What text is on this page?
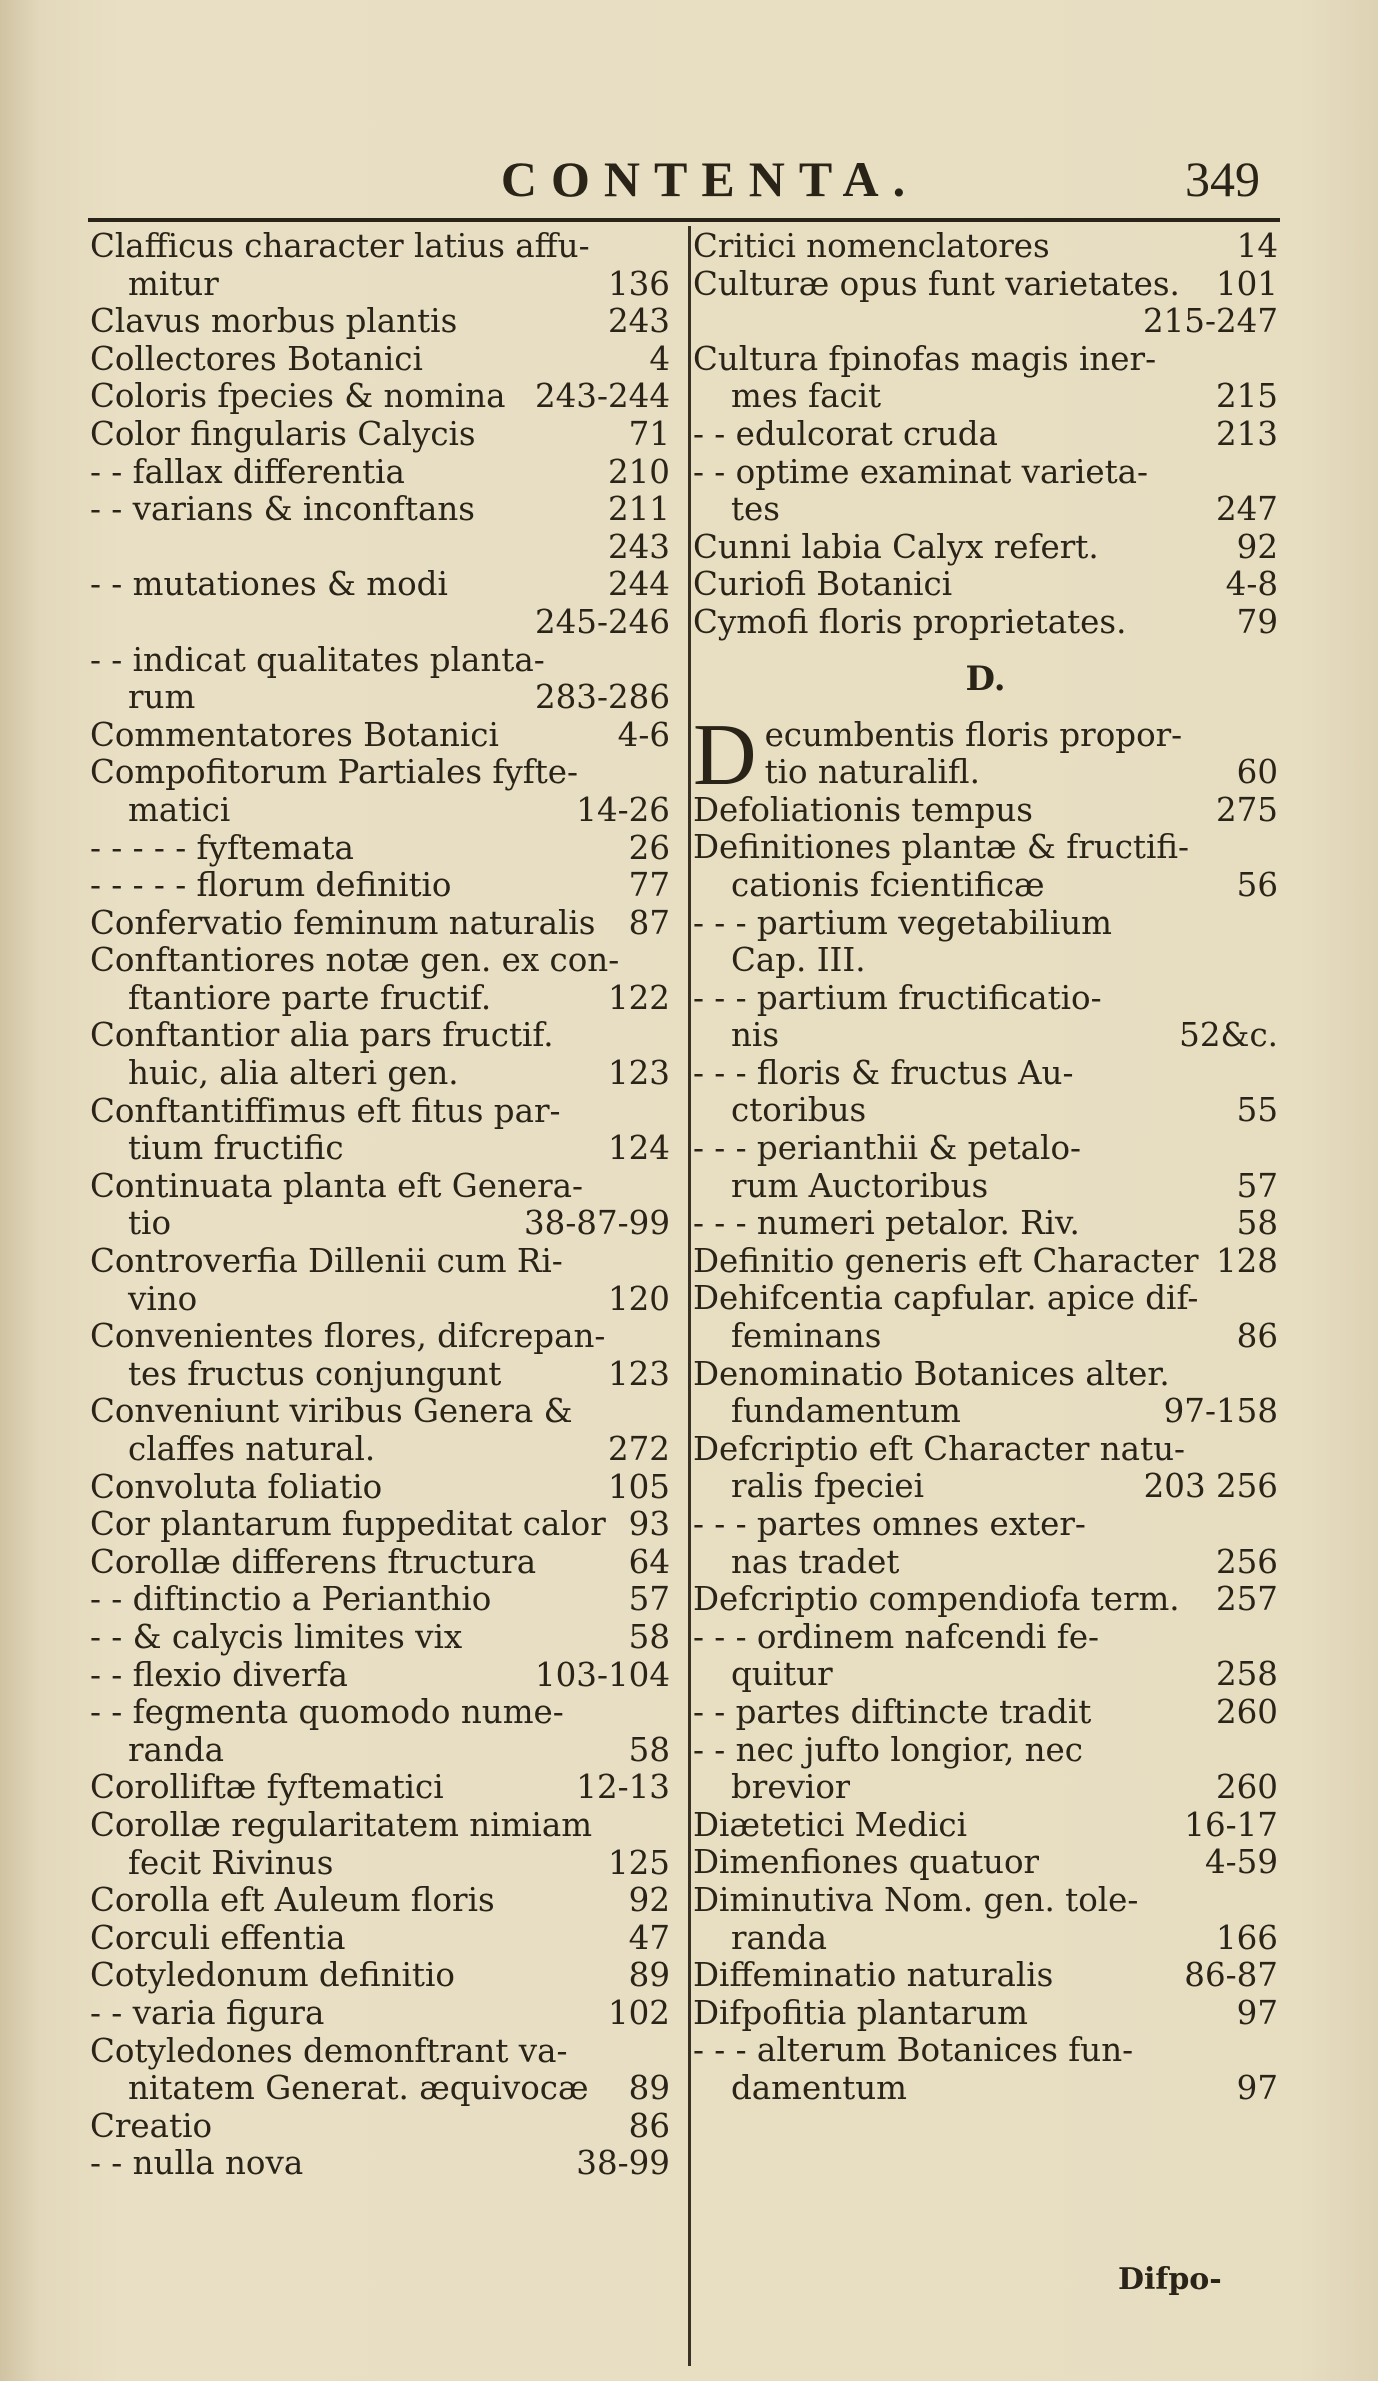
CONTENTA.	349
Clafficus character latius affu-
mitur	136
Clavus morbus plantis	243
Collectores Botanici	4
Coloris fpecies & nomina 243-244
Color fingularis Calycis	71
- - fallax differentia	210
- - varians & inconftans	211
243
- - mutationes & modi	244
245-246
- - indicat qualitates planta-
rum	283-286
Commentatores Botanici	4-6
Compofitorum Partiales fyfte-
matici	14-26
- - - - - fyftemata	26
- - - - - florum definitio	77
Confervatio feminum naturalis 87
Conftantiores notæ gen. ex con-
ftantiore parte fructif.	122
Conftantior alia pars fructif.
huic, alia alteri gen.	123
Conftantiffimus eft fitus par-
tium fructific	124
Continuata planta eft Genera-
tio	38-87-99
Controverfia Dillenii cum Ri-
vino	120
Convenientes flores, difcrepan-
tes fructus conjungunt	123
Conveniunt viribus Genera &
claffes natural.	272
Convoluta foliatio	105
Cor plantarum fuppeditat calor 93
Corollæ differens ftructura	64
- - diftinctio a Perianthio	57
- - & calycis limites vix	58
- - flexio diverfa	103-104
- - fegmenta quomodo nume-
randa	58
Corolliftæ fyftematici	12-13
Corollæ regularitatem nimiam
fecit Rivinus	125
Corolla eft Auleum floris	92
Corculi effentia	47
Cotyledonum definitio	89
- - varia figura	102
Cotyledones demonftrant va-
nitatem Generat. æquivocæ 89
Creatio	86
- - nulla nova	38-99
Critici nomenclatores	14
Culturæ opus funt varietates. 101
215-247
Cultura fpinofas magis iner-
mes facit	215
- - edulcorat cruda	213
- - optime examinat varieta-
tes	247
Cunni labia Calyx refert.	92
Curiofi Botanici	4-8
Cymofi floris proprietates.	79
D.
D ecumbentis floris propor-
tio naturalifl.	60
Defoliationis tempus	275
Definitiones plantæ & fructifi-
cationis fcientificæ	56
- - - partium vegetabilium
Cap. III.
- - - partium fructificatio-
nis	52&c.
- - - floris & fructus Au-
ctoribus	55
- - - perianthii & petalo-
rum Auctoribus	57
- - - numeri petalor. Riv.	58
Definitio generis eft Character 128
Dehifcentia capfular. apice dif-
feminans	86
Denominatio Botanices alter.
fundamentum	97-158
Defcriptio eft Character natu-
ralis fpeciei	203 256
- - - partes omnes exter-
nas tradet	256
Defcriptio compendiofa term. 257
- - - ordinem nafcendi fe-
quitur	258
- - partes diftincte tradit	260
- - nec jufto longior, nec
brevior	260
Diætetici Medici	16-17
Dimenfiones quatuor	4-59
Diminutiva Nom. gen. tole-
randa	166
Diffeminatio naturalis	86-87
Difpofitia plantarum	97
- - - alterum Botanices fun-
damentum	97
Difpo-
